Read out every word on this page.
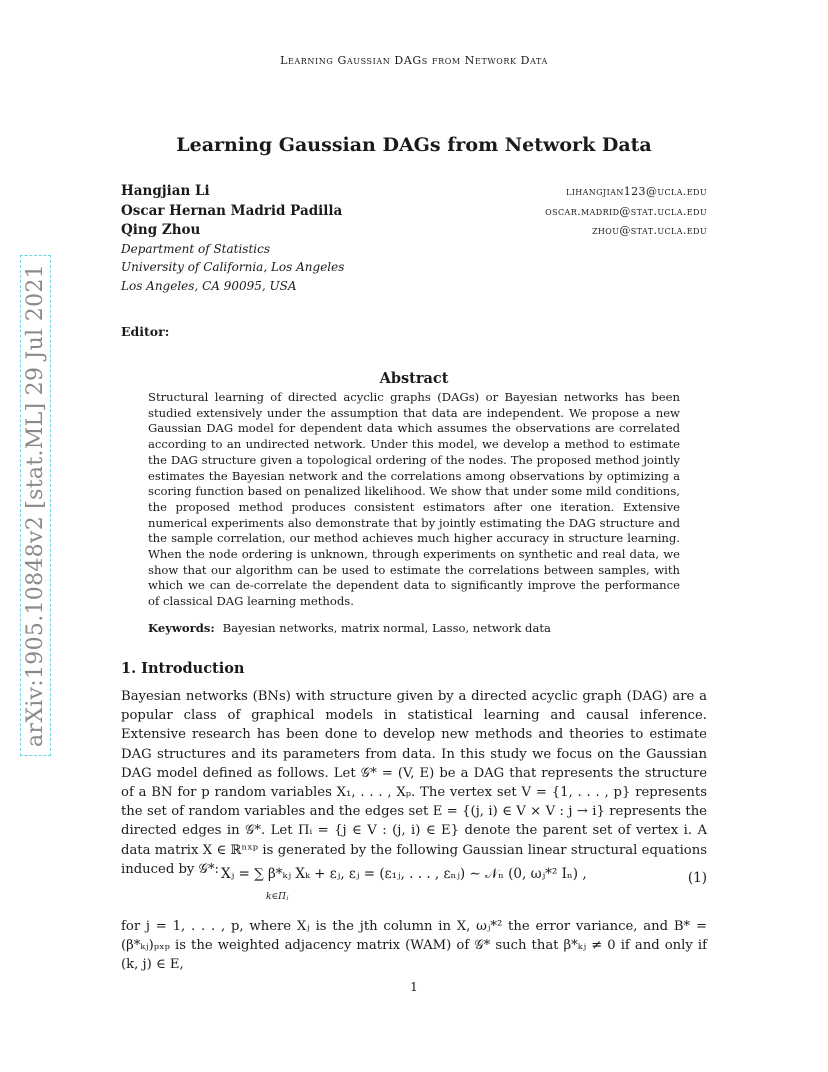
arXiv:1905.10848v2 [stat.ML] 29 Jul 2021
Learning Gaussian DAGs from Network Data
Learning Gaussian DAGs from Network Data
Hangjian Li	lihangjian123@ucla.edu
Oscar Hernan Madrid Padilla	oscar.madrid@stat.ucla.edu
Qing Zhou	zhou@stat.ucla.edu
Department of Statistics
University of California, Los Angeles
Los Angeles, CA 90095, USA
Editor:
Abstract

Structural learning of directed acyclic graphs (DAGs) or Bayesian networks has been studied extensively under the assumption that data are independent. We propose a new Gaussian DAG model for dependent data which assumes the observations are correlated according to an undirected network. Under this model, we develop a method to estimate the DAG structure given a topological ordering of the nodes. The proposed method jointly estimates the Bayesian network and the correlations among observations by optimizing a scoring function based on penalized likelihood. We show that under some mild conditions, the proposed method produces consistent estimators after one iteration. Extensive numerical experiments also demonstrate that by jointly estimating the DAG structure and the sample correlation, our method achieves much higher accuracy in structure learning. When the node ordering is unknown, through experiments on synthetic and real data, we show that our algorithm can be used to estimate the correlations between samples, with which we can de-correlate the dependent data to significantly improve the performance of classical DAG learning methods.

Keywords: Bayesian networks, matrix normal, Lasso, network data
1. Introduction

Bayesian networks (BNs) with structure given by a directed acyclic graph (DAG) are a popular class of graphical models in statistical learning and causal inference. Extensive research has been done to develop new methods and theories to estimate DAG structures and its parameters from data. In this study we focus on the Gaussian DAG model defined as follows. Let 𝒢* = (V, E) be a DAG that represents the structure of a BN for p random variables X₁, . . . , Xₚ. The vertex set V = {1, . . . , p} represents the set of random variables and the edges set E = {(j, i) ∈ V × V : j → i} represents the directed edges in 𝒢*. Let Πᵢ = {j ∈ V : (j, i) ∈ E} denote the parent set of vertex i. A data matrix X ∈ ℝⁿˣᵖ is generated by the following Gaussian linear structural equations induced by 𝒢*: Xⱼ = ∑ β*ₖⱼ Xₖ + εⱼ, εⱼ = (ε₁ⱼ, . . . , εₙⱼ) ∼ 𝒩ₙ (0, ωⱼ*² Iₙ) ,
k∈Πⱼ
(1)

for j = 1, . . . , p, where Xⱼ is the jth column in X, ωⱼ*² the error variance, and B* = (β*ₖⱼ)ₚₓₚ is the weighted adjacency matrix (WAM) of 𝒢* such that β*ₖⱼ ≠ 0 if and only if (k, j) ∈ E,

1
